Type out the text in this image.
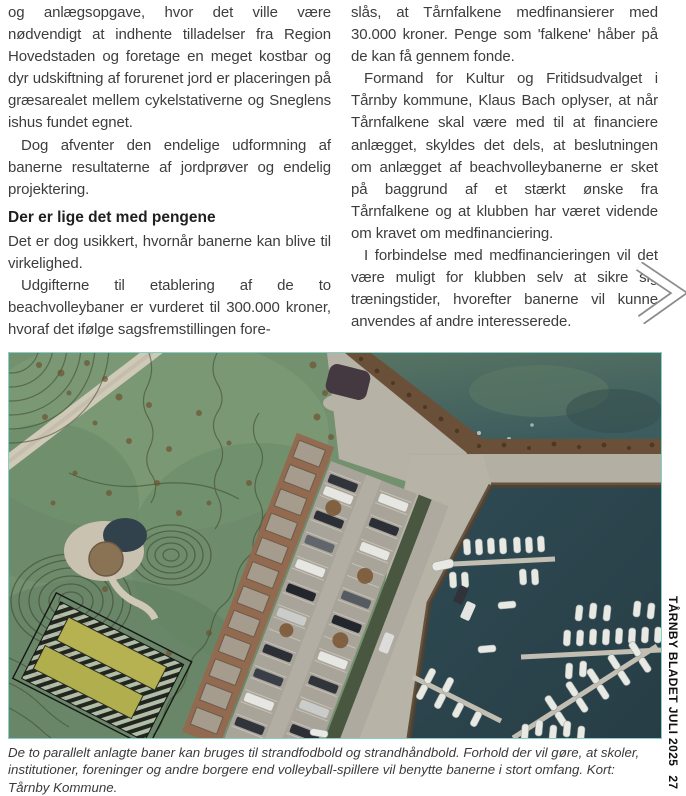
og anlægsopgave, hvor det ville være nødvendigt at indhente tilladelser fra Region Hovedstaden og foretage en meget kostbar og dyr udskiftning af forurenet jord er placeringen på græsarealet mellem cykelstativerne og Sneglens ishus fundet egnet.

Dog afventer den endelige udformning af banerne resultaterne af jordprøver og endelig projektering.

Der er lige det med pengene

Det er dog usikkert, hvornår banerne kan blive til virkelighed.

Udgifterne til etablering af de to beachvolleybaner er vurderet til 300.000 kroner, hvoraf det ifølge sagsfremstillingen fore-

slås, at Tårnfalkene medfinansierer med 30.000 kroner. Penge som 'falkene' håber på de kan få gennem fonde.

Formand for Kultur og Fritidsudvalget i Tårnby kommune, Klaus Bach oplyser, at når Tårnfalkene skal være med til at financiere anlægget, skyldes det dels, at beslutningen om anlægget af beachvolleybanerne er sket på baggrund af et stærkt ønske fra Tårnfalkene og at klubben har været vidende om kravet om medfinanciering.

I forbindelse med medfinancieringen vil det være muligt for klubben selv at sikre sig træningstider, hvorefter banerne vil kunne anvendes af andre interesserede.

De to parallelt anlagte baner kan bruges til strandfodbold og strandhåndbold. Forhold der vil gøre, at skoler, institutioner, foreninger og andre borgere end volleyball-spillere vil benytte banerne i stort omfang. Kort: Tårnby Kommune.
TÅRNBY BLADET JULI 2025
27
